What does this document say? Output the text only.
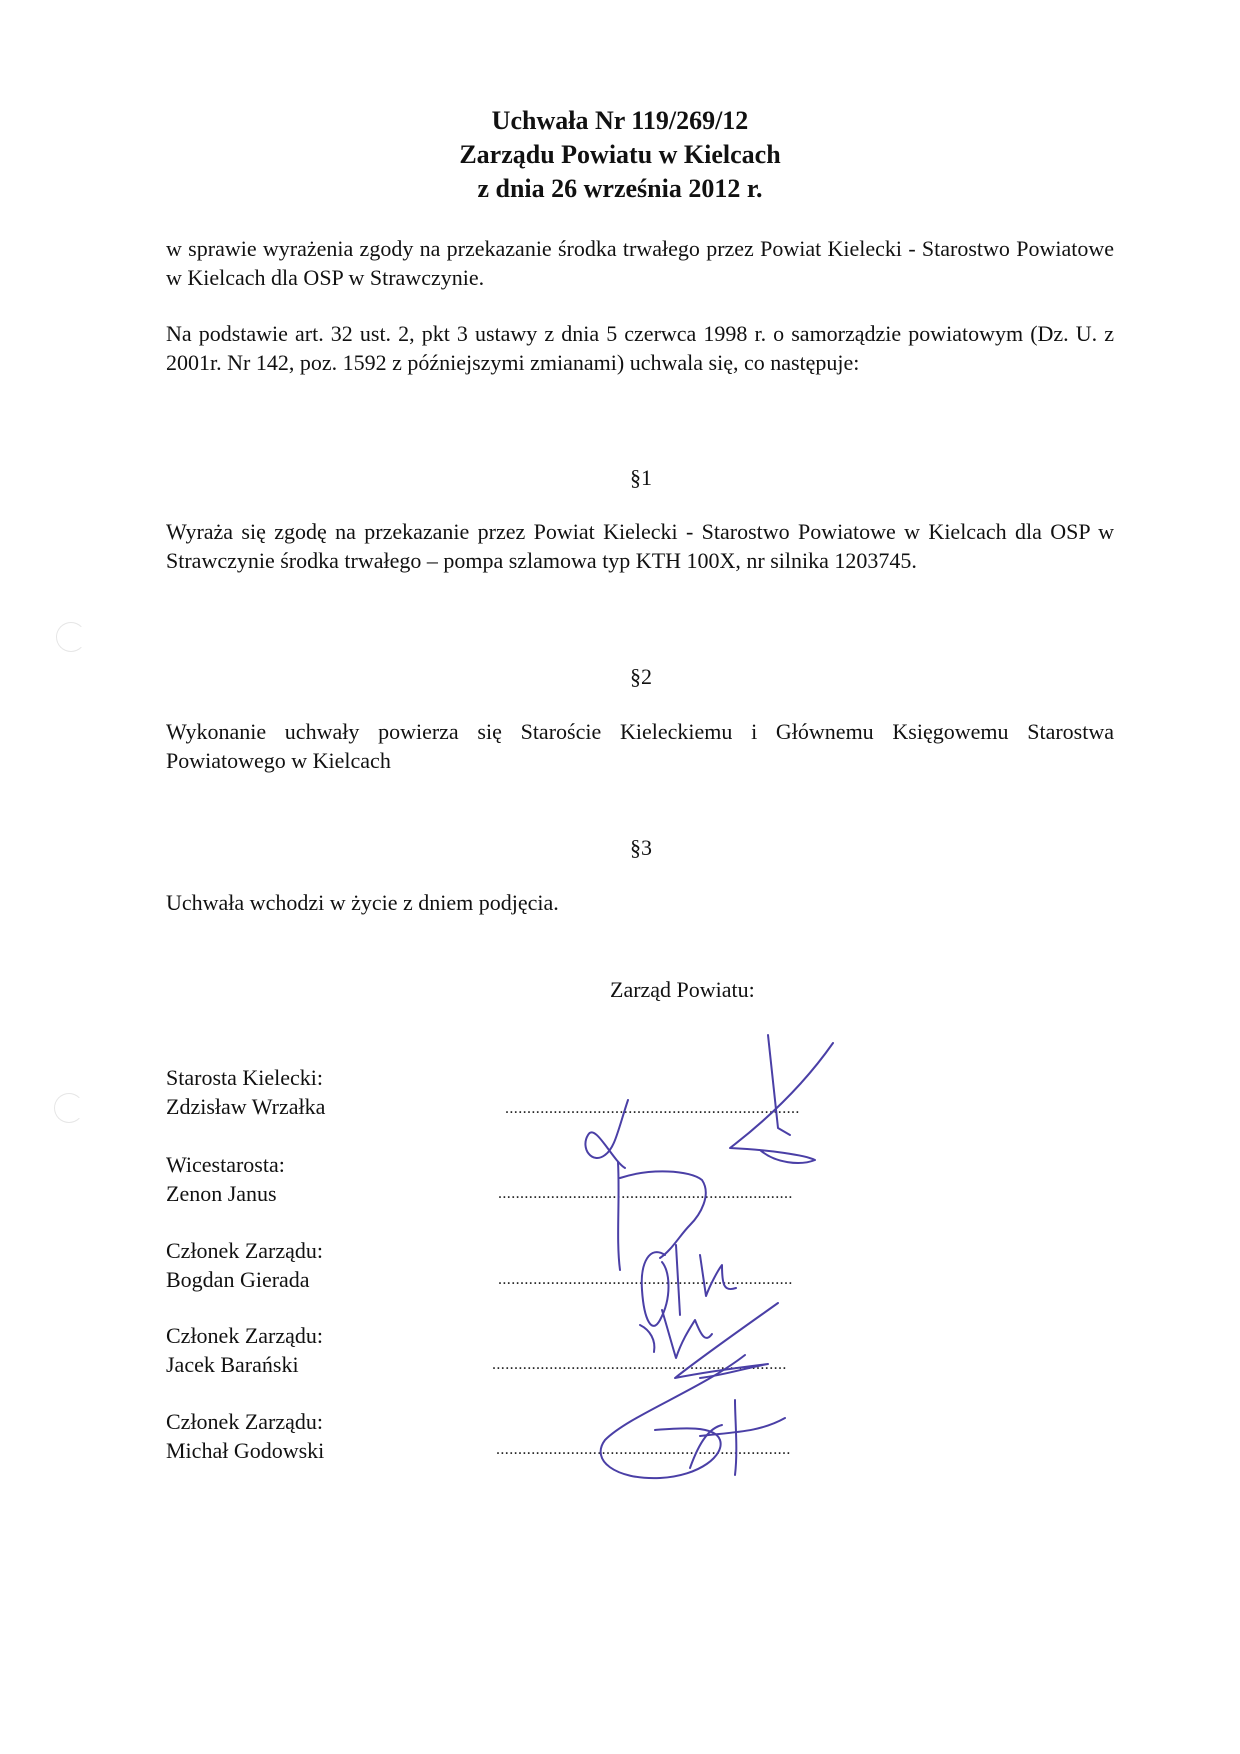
Uchwała Nr 119/269/12
Zarządu Powiatu w Kielcach
z dnia 26 września 2012 r.
w sprawie wyrażenia zgody na przekazanie środka trwałego przez Powiat Kielecki - Starostwo Powiatowe w Kielcach dla OSP w Strawczynie.
Na podstawie art. 32 ust. 2, pkt 3 ustawy z dnia 5 czerwca 1998 r. o samorządzie powiatowym (Dz. U. z 2001r. Nr 142, poz. 1592 z późniejszymi zmianami) uchwala się, co następuje:
§1
Wyraża się zgodę na przekazanie przez Powiat Kielecki - Starostwo Powiatowe w Kielcach dla OSP w Strawczynie środka trwałego – pompa szlamowa typ KTH 100X, nr silnika 1203745.
§2
Wykonanie uchwały powierza się Staroście Kieleckiemu i Głównemu Księgowemu Starostwa Powiatowego w Kielcach
§3
Uchwała wchodzi w życie z dniem podjęcia.
Zarząd Powiatu:
Starosta Kielecki:
Zdzisław Wrzałka	...................................................................
Wicestarosta:
Zenon Janus	...................................................................
Członek Zarządu:
Bogdan Gierada	...................................................................
Członek Zarządu:
Jacek Barański	...................................................................
Członek Zarządu:
Michał Godowski	...................................................................
